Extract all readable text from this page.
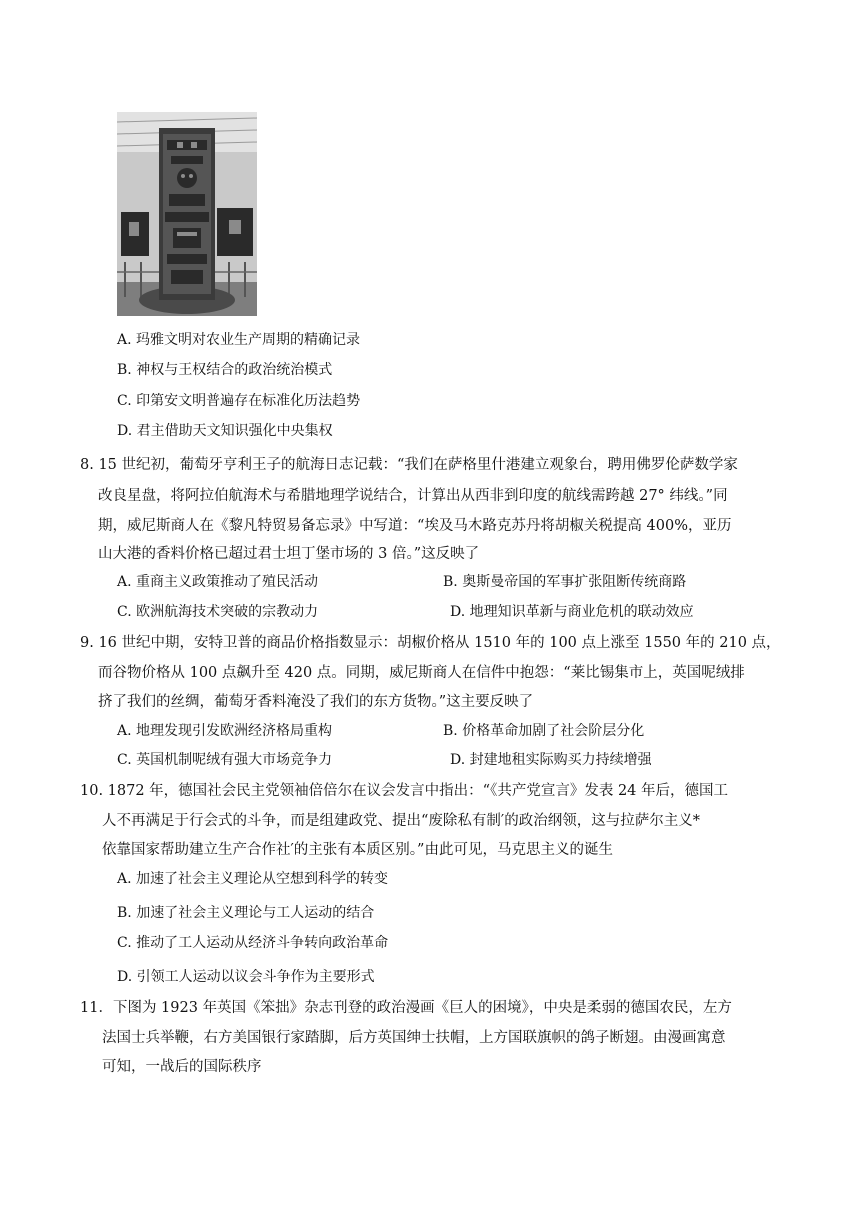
A. 玛雅文明对农业生产周期的精确记录
B. 神权与王权结合的政治统治模式
C. 印第安文明普遍存在标准化历法趋势
D. 君主借助天文知识强化中央集权
8. 15 世纪初，葡萄牙亨利王子的航海日志记载：“我们在萨格里什港建立观象台，聘用佛罗伦萨数学家
改良星盘，将阿拉伯航海术与希腊地理学说结合，计算出从西非到印度的航线需跨越 27° 纬线。”同
期，威尼斯商人在《黎凡特贸易备忘录》中写道：“埃及马木路克苏丹将胡椒关税提高 400%，亚历
山大港的香料价格已超过君士坦丁堡市场的 3 倍。”这反映了
A. 重商主义政策推动了殖民活动	B. 奥斯曼帝国的军事扩张阻断传统商路
C. 欧洲航海技术突破的宗教动力	D. 地理知识革新与商业危机的联动效应
9. 16 世纪中期，安特卫普的商品价格指数显示：胡椒价格从 1510 年的 100 点上涨至 1550 年的 210 点，
而谷物价格从 100 点飙升至 420 点。同期，威尼斯商人在信件中抱怨：“莱比锡集市上，英国呢绒排
挤了我们的丝绸，葡萄牙香料淹没了我们的东方货物。”这主要反映了
A. 地理发现引发欧洲经济格局重构	B. 价格革命加剧了社会阶层分化
C. 英国机制呢绒有强大市场竞争力	D. 封建地租实际购买力持续增强
10. 1872 年，德国社会民主党领袖倍倍尔在议会发言中指出：“《共产党宣言》发表 24 年后，德国工
人不再满足于行会式的斗争，而是组建政党、提出“废除私有制′的政治纲领，这与拉萨尔主义*
依靠国家帮助建立生产合作社′的主张有本质区别。”由此可见，马克思主义的诞生
A. 加速了社会主义理论从空想到科学的转变
B. 加速了社会主义理论与工人运动的结合
C. 推动了工人运动从经济斗争转向政治革命
D. 引领工人运动以议会斗争作为主要形式
11．下图为 1923 年英国《笨拙》杂志刊登的政治漫画《巨人的困境》，中央是柔弱的德国农民，左方
法国士兵举鞭，右方美国银行家踏脚，后方英国绅士扶帽，上方国联旗帜的鸽子断翅。由漫画寓意
可知，一战后的国际秩序
